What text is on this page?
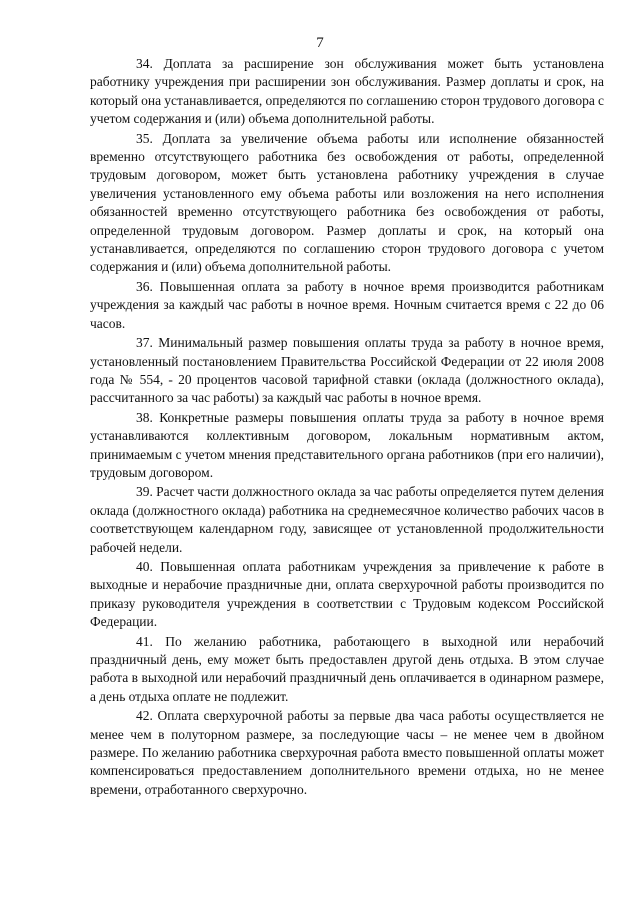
7

34. Доплата за расширение зон обслуживания может быть установлена работнику учреждения при расширении зон обслуживания. Размер доплаты и срок, на который она устанавливается, определяются по соглашению сторон трудового договора с учетом содержания и (или) объема дополнительной работы.

35. Доплата за увеличение объема работы или исполнение обязанностей временно отсутствующего работника без освобождения от работы, определенной трудовым договором, может быть установлена работнику учреждения в случае увеличения установленного ему объема работы или возложения на него исполнения обязанностей временно отсутствующего работника без освобождения от работы, определенной трудовым договором. Размер доплаты и срок, на который она устанавливается, определяются по соглашению сторон трудового договора с учетом содержания и (или) объема дополнительной работы.

36. Повышенная оплата за работу в ночное время производится работникам учреждения за каждый час работы в ночное время. Ночным считается время с 22 до 06 часов.

37. Минимальный размер повышения оплаты труда за работу в ночное время, установленный постановлением Правительства Российской Федерации от 22 июля 2008 года № 554, - 20 процентов часовой тарифной ставки (оклада (должностного оклада), рассчитанного за час работы) за каждый час работы в ночное время.

38. Конкретные размеры повышения оплаты труда за работу в ночное время устанавливаются коллективным договором, локальным нормативным актом, принимаемым с учетом мнения представительного органа работников (при его наличии), трудовым договором.

39. Расчет части должностного оклада за час работы определяется путем деления оклада (должностного оклада) работника на среднемесячное количество рабочих часов в соответствующем календарном году, зависящее от установленной продолжительности рабочей недели.

40. Повышенная оплата работникам учреждения за привлечение к работе в выходные и нерабочие праздничные дни, оплата сверхурочной работы производится по приказу руководителя учреждения в соответствии с Трудовым кодексом Российской Федерации.

41. По желанию работника, работающего в выходной или нерабочий праздничный день, ему может быть предоставлен другой день отдыха. В этом случае работа в выходной или нерабочий праздничный день оплачивается в одинарном размере, а день отдыха оплате не подлежит.

42. Оплата сверхурочной работы за первые два часа работы осуществляется не менее чем в полуторном размере, за последующие часы – не менее чем в двойном размере. По желанию работника сверхурочная работа вместо повышенной оплаты может компенсироваться предоставлением дополнительного времени отдыха, но не менее времени, отработанного сверхурочно.
